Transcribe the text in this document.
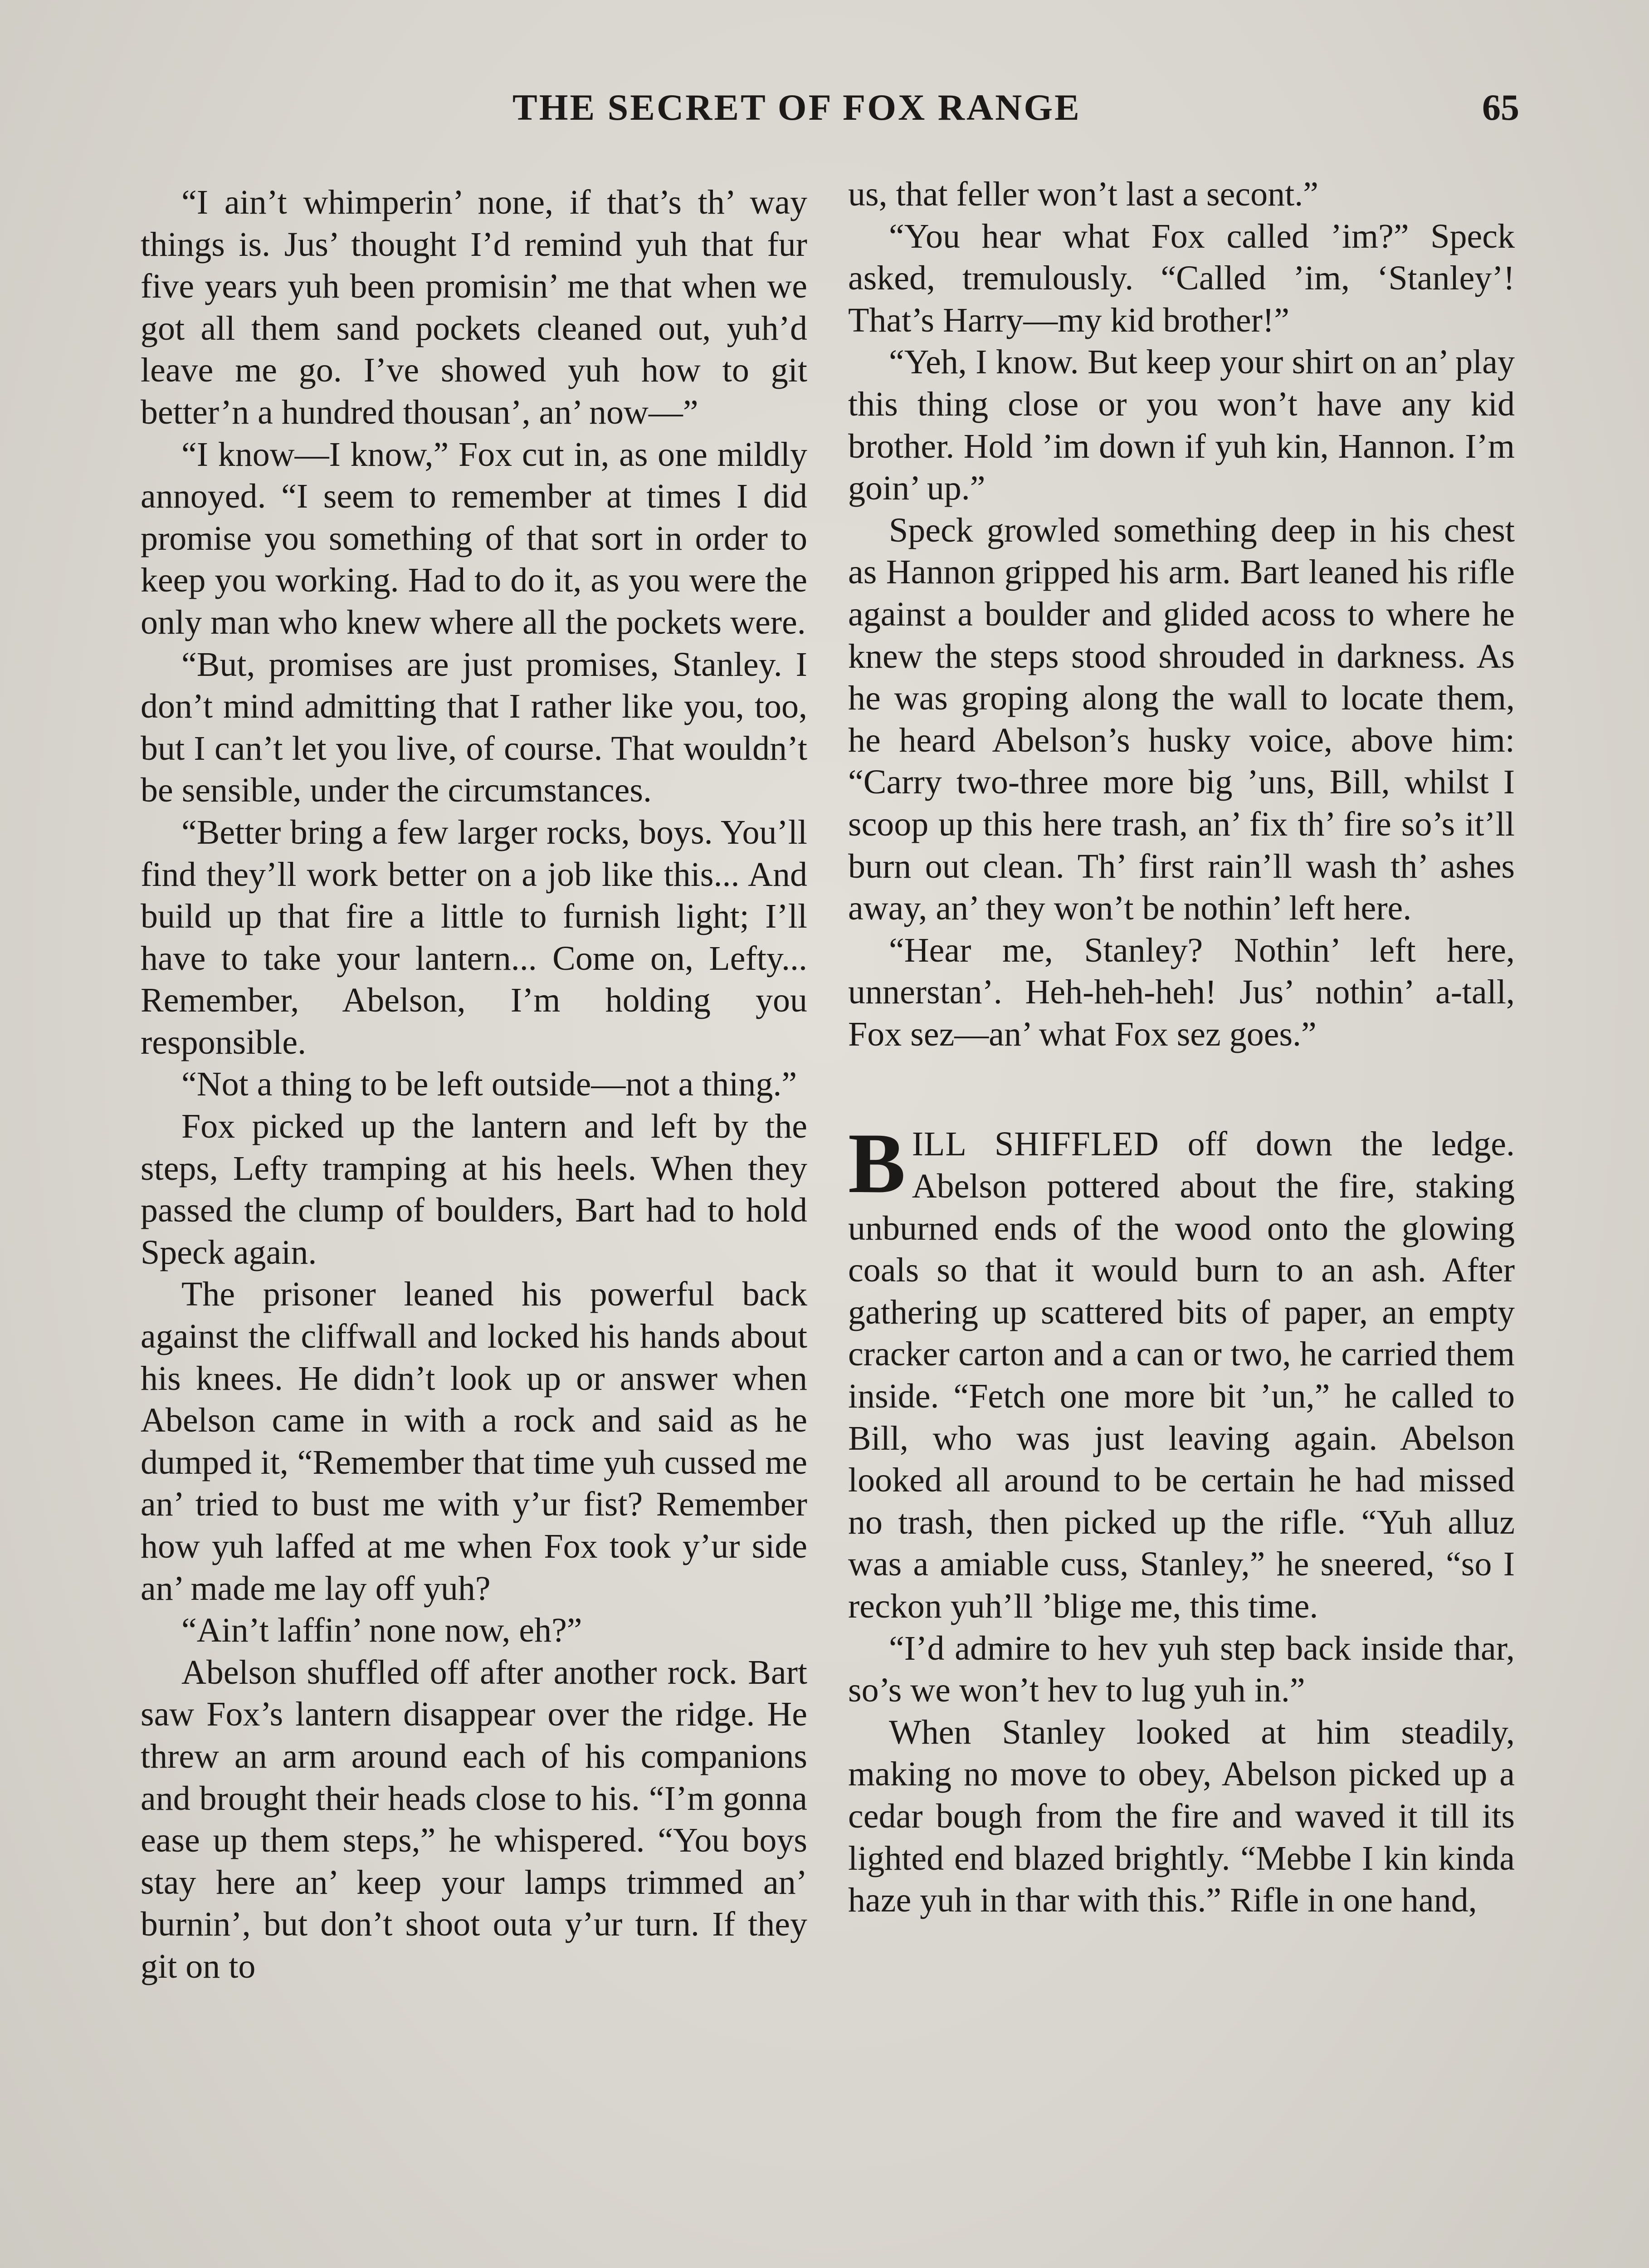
THE SECRET OF FOX RANGE	65

“I ain’t whimperin’ none, if that’s th’ way things is. Jus’ thought I’d remind yuh that fur five years yuh been promisin’ me that when we got all them sand pockets cleaned out, yuh’d leave me go. I’ve showed yuh how to git better’n a hundred thousan’, an’ now—”

“I know—I know,” Fox cut in, as one mildly annoyed. “I seem to remember at times I did promise you something of that sort in order to keep you working. Had to do it, as you were the only man who knew where all the pockets were.

“But, promises are just promises, Stanley. I don’t mind admitting that I rather like you, too, but I can’t let you live, of course. That wouldn’t be sensible, under the circumstances.

“Better bring a few larger rocks, boys. You’ll find they’ll work better on a job like this... And build up that fire a little to furnish light; I’ll have to take your lantern... Come on, Lefty... Remember, Abelson, I’m holding you responsible.

“Not a thing to be left outside—not a thing.”

Fox picked up the lantern and left by the steps, Lefty tramping at his heels. When they passed the clump of boulders, Bart had to hold Speck again.

The prisoner leaned his powerful back against the cliffwall and locked his hands about his knees. He didn’t look up or answer when Abelson came in with a rock and said as he dumped it, “Remember that time yuh cussed me an’ tried to bust me with y’ur fist? Remember how yuh laffed at me when Fox took y’ur side an’ made me lay off yuh?

“Ain’t laffin’ none now, eh?”

Abelson shuffled off after another rock. Bart saw Fox’s lantern disappear over the ridge. He threw an arm around each of his companions and brought their heads close to his. “I’m gonna ease up them steps,” he whispered. “You boys stay here an’ keep your lamps trimmed an’ burnin’, but don’t shoot outa y’ur turn. If they git on to

us, that feller won’t last a secont.”

“You hear what Fox called ’im?” Speck asked, tremulously. “Called ’im, ‘Stanley’! That’s Harry—my kid brother!”

“Yeh, I know. But keep your shirt on an’ play this thing close or you won’t have any kid brother. Hold ’im down if yuh kin, Hannon. I’m goin’ up.”

Speck growled something deep in his chest as Hannon gripped his arm. Bart leaned his rifle against a boulder and glided acoss to where he knew the steps stood shrouded in darkness. As he was groping along the wall to locate them, he heard Abelson’s husky voice, above him: “Carry two-three more big ’uns, Bill, whilst I scoop up this here trash, an’ fix th’ fire so’s it’ll burn out clean. Th’ first rain’ll wash th’ ashes away, an’ they won’t be nothin’ left here.

“Hear me, Stanley? Nothin’ left here, unnerstan’. Heh-heh-heh! Jus’ nothin’ a-tall, Fox sez—an’ what Fox sez goes.”

BILL SHIFFLED off down the ledge. Abelson pottered about the fire, staking unburned ends of the wood onto the glowing coals so that it would burn to an ash. After gathering up scattered bits of paper, an empty cracker carton and a can or two, he carried them inside. “Fetch one more bit ’un,” he called to Bill, who was just leaving again. Abelson looked all around to be certain he had missed no trash, then picked up the rifle. “Yuh alluz was a amiable cuss, Stanley,” he sneered, “so I reckon yuh’ll ’blige me, this time.

“I’d admire to hev yuh step back inside thar, so’s we won’t hev to lug yuh in.”

When Stanley looked at him steadily, making no move to obey, Abelson picked up a cedar bough from the fire and waved it till its lighted end blazed brightly. “Mebbe I kin kinda haze yuh in thar with this.” Rifle in one hand,
